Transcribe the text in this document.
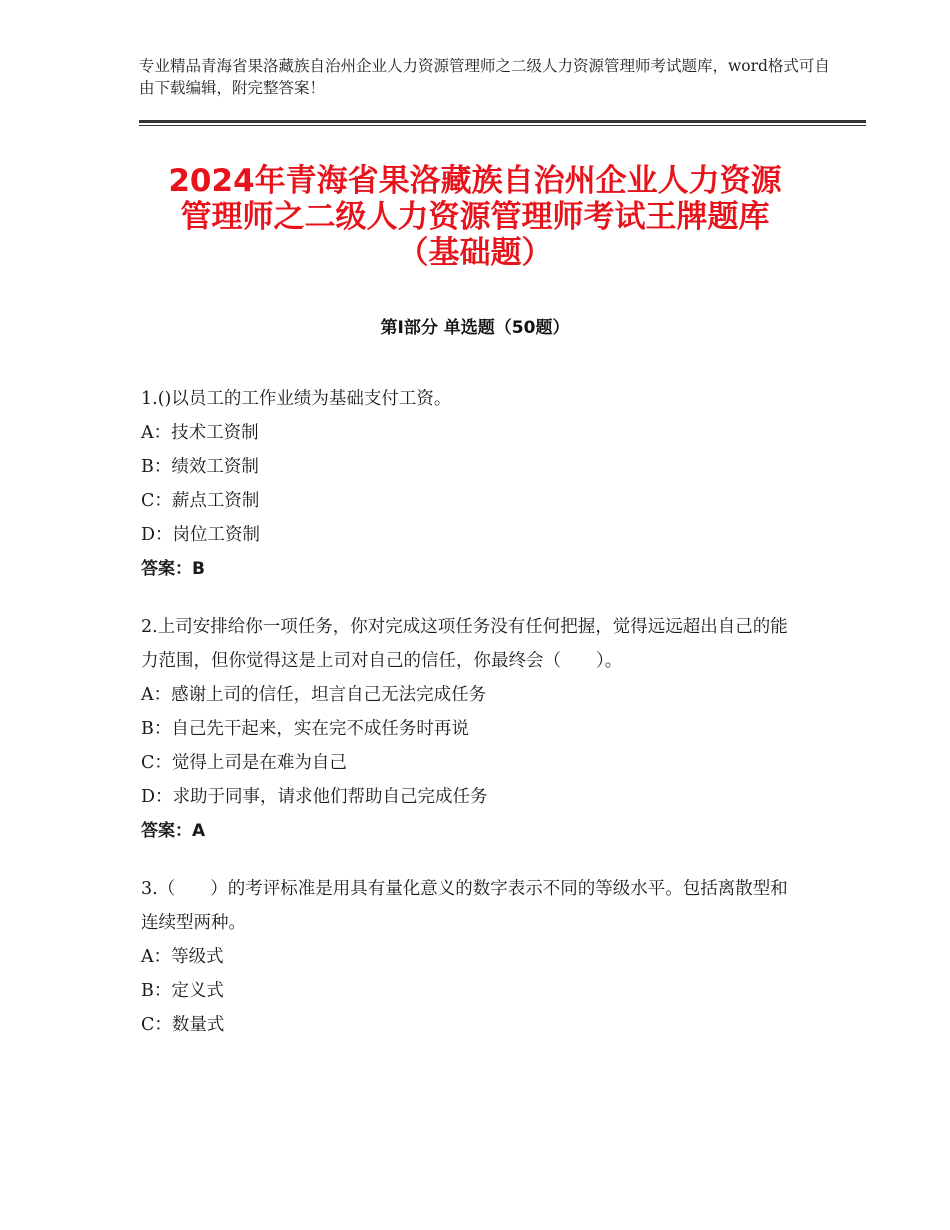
专业精品青海省果洛藏族自治州企业人力资源管理师之二级人力资源管理师考试题库，word格式可自由下载编辑，附完整答案！
2024年青海省果洛藏族自治州企业人力资源
管理师之二级人力资源管理师考试王牌题库
（基础题）
第Ⅰ部分 单选题（50题）
1.()以员工的工作业绩为基础支付工资。
A：技术工资制
B：绩效工资制
C：薪点工资制
D：岗位工资制
答案：B
2.上司安排给你一项任务，你对完成这项任务没有任何把握，觉得远远超出自己的能力范围，但你觉得这是上司对自己的信任，你最终会（　　）。
A：感谢上司的信任，坦言自己无法完成任务
B：自己先干起来，实在完不成任务时再说
C：觉得上司是在难为自己
D：求助于同事，请求他们帮助自己完成任务
答案：A
3.（　　）的考评标准是用具有量化意义的数字表示不同的等级水平。包括离散型和连续型两种。
A：等级式
B：定义式
C：数量式
